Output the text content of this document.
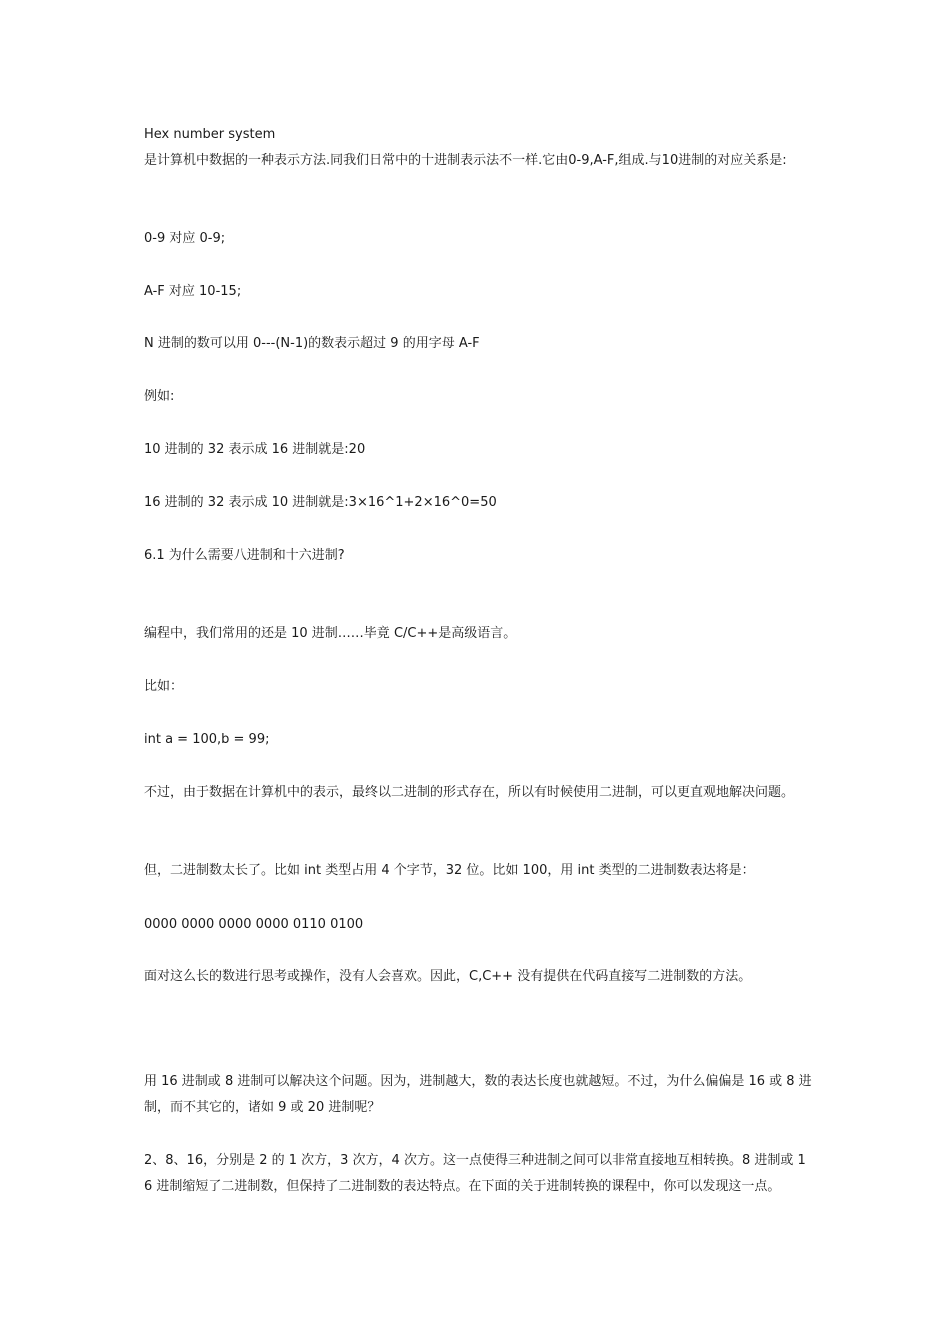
Hex number system

是计算机中数据的一种表示方法.同我们日常中的十进制表示法不一样.它由0-9,A-F,组成.与10进制的对应关系是:

0-9 对应 0-9;

A-F 对应 10-15;

N 进制的数可以用 0---(N-1)的数表示超过 9 的用字母 A-F

例如:

10 进制的 32 表示成 16 进制就是:20

16 进制的 32 表示成 10 进制就是:3×16^1+2×16^0=50

6.1 为什么需要八进制和十六进制?

编程中，我们常用的还是 10 进制……毕竟 C/C++是高级语言。

比如：

int a = 100,b = 99;

不过，由于数据在计算机中的表示，最终以二进制的形式存在，所以有时候使用二进制，可以更直观地解决问题。

但，二进制数太长了。比如 int 类型占用 4 个字节，32 位。比如 100，用 int 类型的二进制数表达将是：

0000 0000 0000 0000 0110 0100

面对这么长的数进行思考或操作，没有人会喜欢。因此，C,C++ 没有提供在代码直接写二进制数的方法。

用 16 进制或 8 进制可以解决这个问题。因为，进制越大，数的表达长度也就越短。不过，为什么偏偏是 16 或 8 进制，而不其它的，诸如 9 或 20 进制呢？

2、8、16，分别是 2 的 1 次方，3 次方，4 次方。这一点使得三种进制之间可以非常直接地互相转换。8 进制或 16 进制缩短了二进制数，但保持了二进制数的表达特点。在下面的关于进制转换的课程中，你可以发现这一点。
